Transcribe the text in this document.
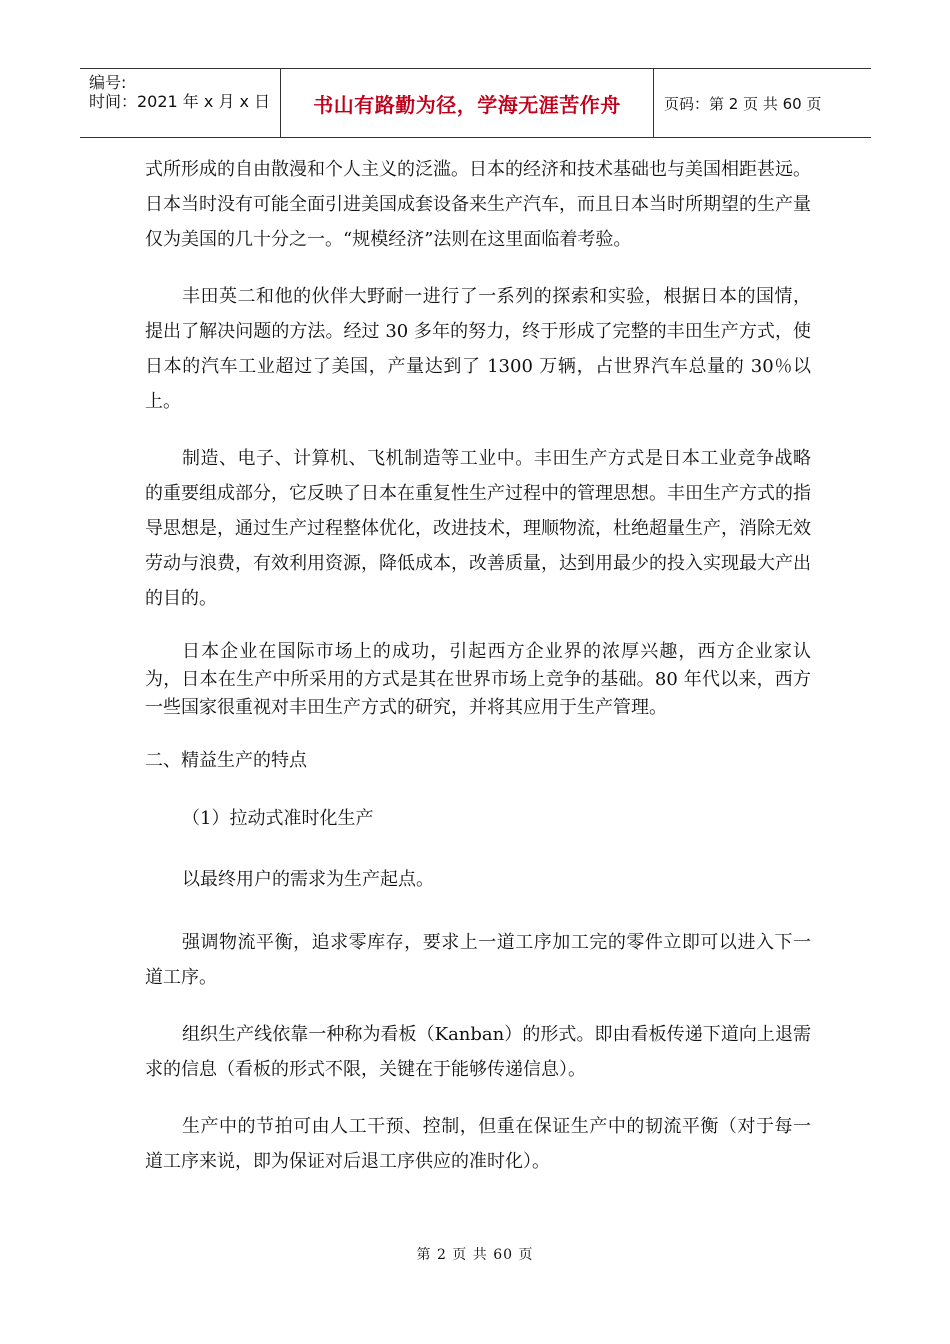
编号:
时间：2021 年 x 月 x 日	书山有路勤为径，学海无涯苦作舟	页码：第 2 页 共 60 页

式所形成的自由散漫和个人主义的泛滥。日本的经济和技术基础也与美国相距甚远。日本当时没有可能全面引进美国成套设备来生产汽车，而且日本当时所期望的生产量仅为美国的几十分之一。“规模经济”法则在这里面临着考验。

丰田英二和他的伙伴大野耐一进行了一系列的探索和实验，根据日本的国情，提出了解决问题的方法。经过 30 多年的努力，终于形成了完整的丰田生产方式，使日本的汽车工业超过了美国，产量达到了 1300 万辆，占世界汽车总量的 30％以上。

制造、电子、计算机、飞机制造等工业中。丰田生产方式是日本工业竞争战略的重要组成部分，它反映了日本在重复性生产过程中的管理思想。丰田生产方式的指导思想是，通过生产过程整体优化，改进技术，理顺物流，杜绝超量生产，消除无效劳动与浪费，有效利用资源，降低成本，改善质量，达到用最少的投入实现最大产出的目的。

日本企业在国际市场上的成功，引起西方企业界的浓厚兴趣，西方企业家认为，日本在生产中所采用的方式是其在世界市场上竞争的基础。80 年代以来，西方一些国家很重视对丰田生产方式的研究，并将其应用于生产管理。

二、精益生产的特点
（1）拉动式准时化生产

以最终用户的需求为生产起点。

强调物流平衡，追求零库存，要求上一道工序加工完的零件立即可以进入下一道工序。

组织生产线依靠一种称为看板（Kanban）的形式。即由看板传递下道向上退需求的信息（看板的形式不限，关键在于能够传递信息）。

生产中的节拍可由人工干预、控制，但重在保证生产中的韧流平衡（对于每一道工序来说，即为保证对后退工序供应的准时化）。

第 2 页 共 60 页
